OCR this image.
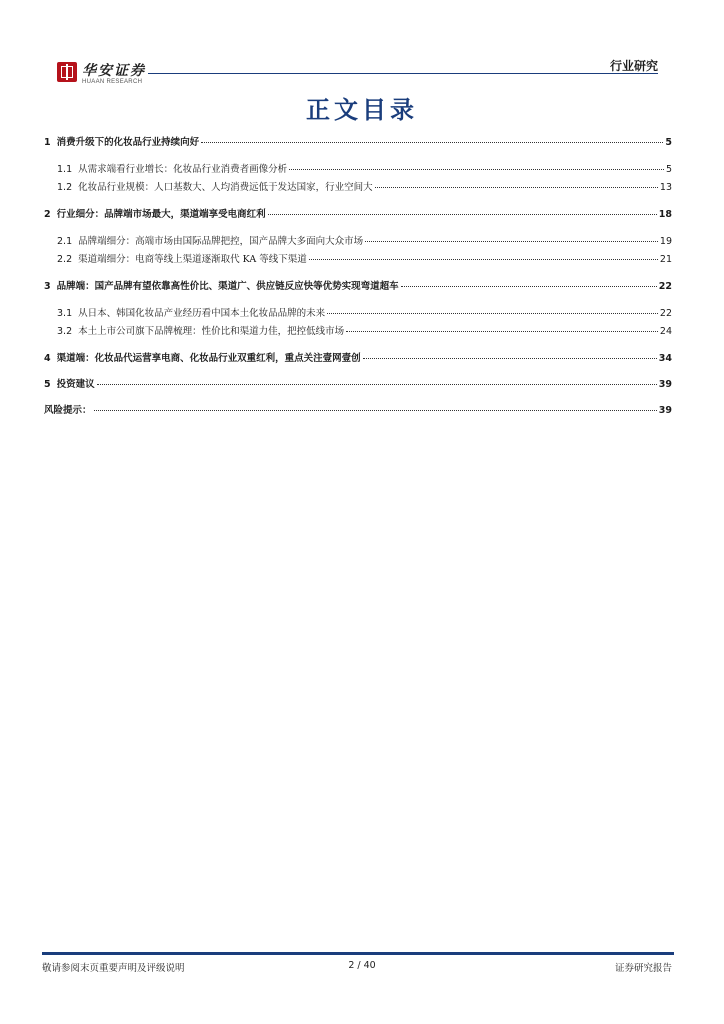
华安证券
HUAAN RESEARCH
行业研究
正文目录
1 消费升级下的化妆品行业持续向好	5
1.1 从需求端看行业增长：化妆品行业消费者画像分析	5
1.2 化妆品行业规模：人口基数大、人均消费远低于发达国家，行业空间大	13
2 行业细分：品牌端市场最大，渠道端享受电商红利	18
2.1 品牌端细分：高端市场由国际品牌把控，国产品牌大多面向大众市场	19
2.2 渠道端细分：电商等线上渠道逐渐取代 KA 等线下渠道	21
3 品牌端：国产品牌有望依靠高性价比、渠道广、供应链反应快等优势实现弯道超车	22
3.1 从日本、韩国化妆品产业经历看中国本土化妆品品牌的未来	22
3.2 本土上市公司旗下品牌梳理：性价比和渠道力佳，把控低线市场	24
4 渠道端：化妆品代运营享电商、化妆品行业双重红利，重点关注壹网壹创	34
5 投资建议	39
风险提示：	39
敬请参阅末页重要声明及评级说明	2 / 40	证券研究报告
